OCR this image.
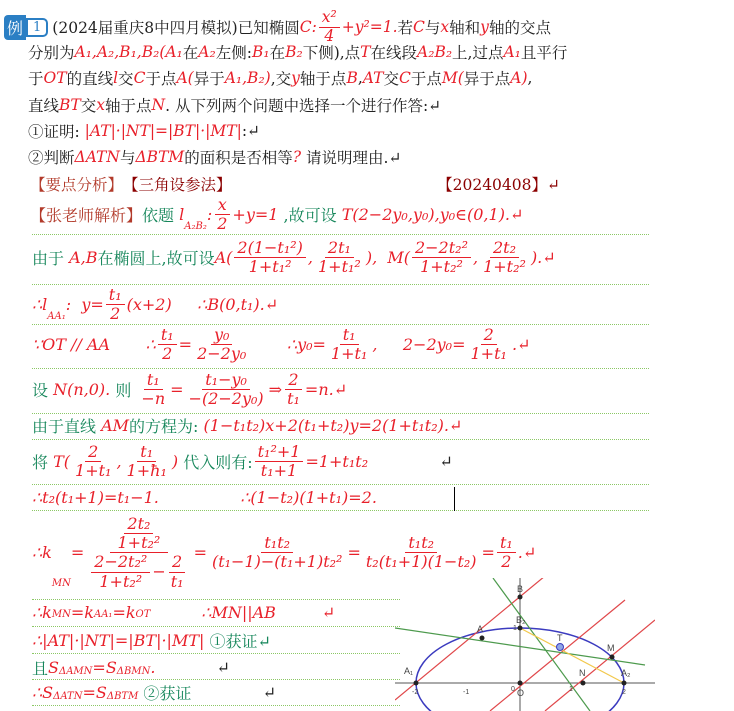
例 1 (2024届重庆8中四月模拟)已知椭圆 C: $\frac{\text{x²}}{4} +y^2=1$. 若 C 与 x 轴和 y 轴的交点
分别为 A₁,A₂,B₁,B₂(A₁ 在 A₂ 左侧: B₁ 在 B₂ 下侧),点 T 在线段 A₂B₂ 上,过点 A₁ 且平行
于 OT 的直线 l 交 C 于点 A( 异于 A₁,B₂) ,交 y 轴于点 B , AT 交 C 于点 M( 异于点 A) ,
直线 BT 交 x 轴于点 N . 从下列两个问题中选择一个进行作答:↵
①证明: |AT|·|NT|=|BT|·|MT| :↵
②判断 ΔATN 与 ΔBTM 的面积是否相等 ? 请说明理由.↵
【要点分析】 【三角设参法】	【20240408】↵
【张老师解析】 依题 l
A₂B₂
: $\frac{x}{2} +y=1$ ,故可设 T(2−2y₀,y₀),y₀∈(0,1).↵
由于 A,B 在椭圆上,故可设 $A( \frac{\text{2(1−t₁²)}}{\text{1+t₁²}}$ , $\frac{\text{2t₁}}{\text{1+t₁²}}$ ),  $M( \frac{\text{2−2t₂²}}{\text{1+t₂²}}$ , $\frac{\text{2t₂}}{\text{1+t₂²}}$ ).↵
∴l
AA₁
:  $y= \frac{\text{t₁}}{2} (x+2)$     ∴B(0,t₁).↵
∵OT // AA       ∴ $\frac{\text{t₁}}{2} = \frac{\text{y₀}}{\text{2−2y₀}}$ ∴y₀= $\frac{\text{t₁}}{\text{1+t₁}}$ ,     $2-2y_0= \frac{2}{\text{1+t₁}}$ .↵
设 N(n,0). 则 $\frac{\text{t₁}}{-n} = \frac{\text{t₁−y₀}}{\text{−(2−2y₀)}}$ ⇒ $\frac{2}{\text{t₁}}$ =n.↵
由于直线 AM 的方程为: (1−t₁t₂)x+2(t₁+t₂)y=2(1+t₁t₂).↵
将 $T( \frac{2}{\text{1+t₁}}$ , $\frac{\text{t₁}}{\text{1+ħ₁}}$ ) 代入则有: $\frac{\text{t₁²+1}}{\text{t₁+1}} =1+t_1t_2$ ↵
∴t₂(t₁+1)=t₁−1.                ∴(1−t₂)(1+t₁)=2.
∴k
MN
= $\frac{\frac{\text{2t₂}}{\text{1+t₂²}}}{\frac{\text{2−2t₂²}}{\text{1+t₂²}} - \frac{2}{\text{t₁}}} = \frac{\text{t₁t₂}}{\text{(t₁−1)−(t₁+1)t₂²}} = \frac{\text{t₁t₂}}{\text{t₂(t₁+1)(1−t₂)}} = \frac{\text{t₁}}{2}$ .↵
∴k MN =k AA₁ =k OT ∴MN||AB         ↵
∴|AT|·|NT|=|BT|·|MT| ①获证↵
且 S ΔAMN =S ΔBMN . ↵
∴S ΔATN =S ΔBTM ②获证 ↵
B
B₂
A
T
M
A₁	N	A₂
O
-2	-1	0	1	2
1
